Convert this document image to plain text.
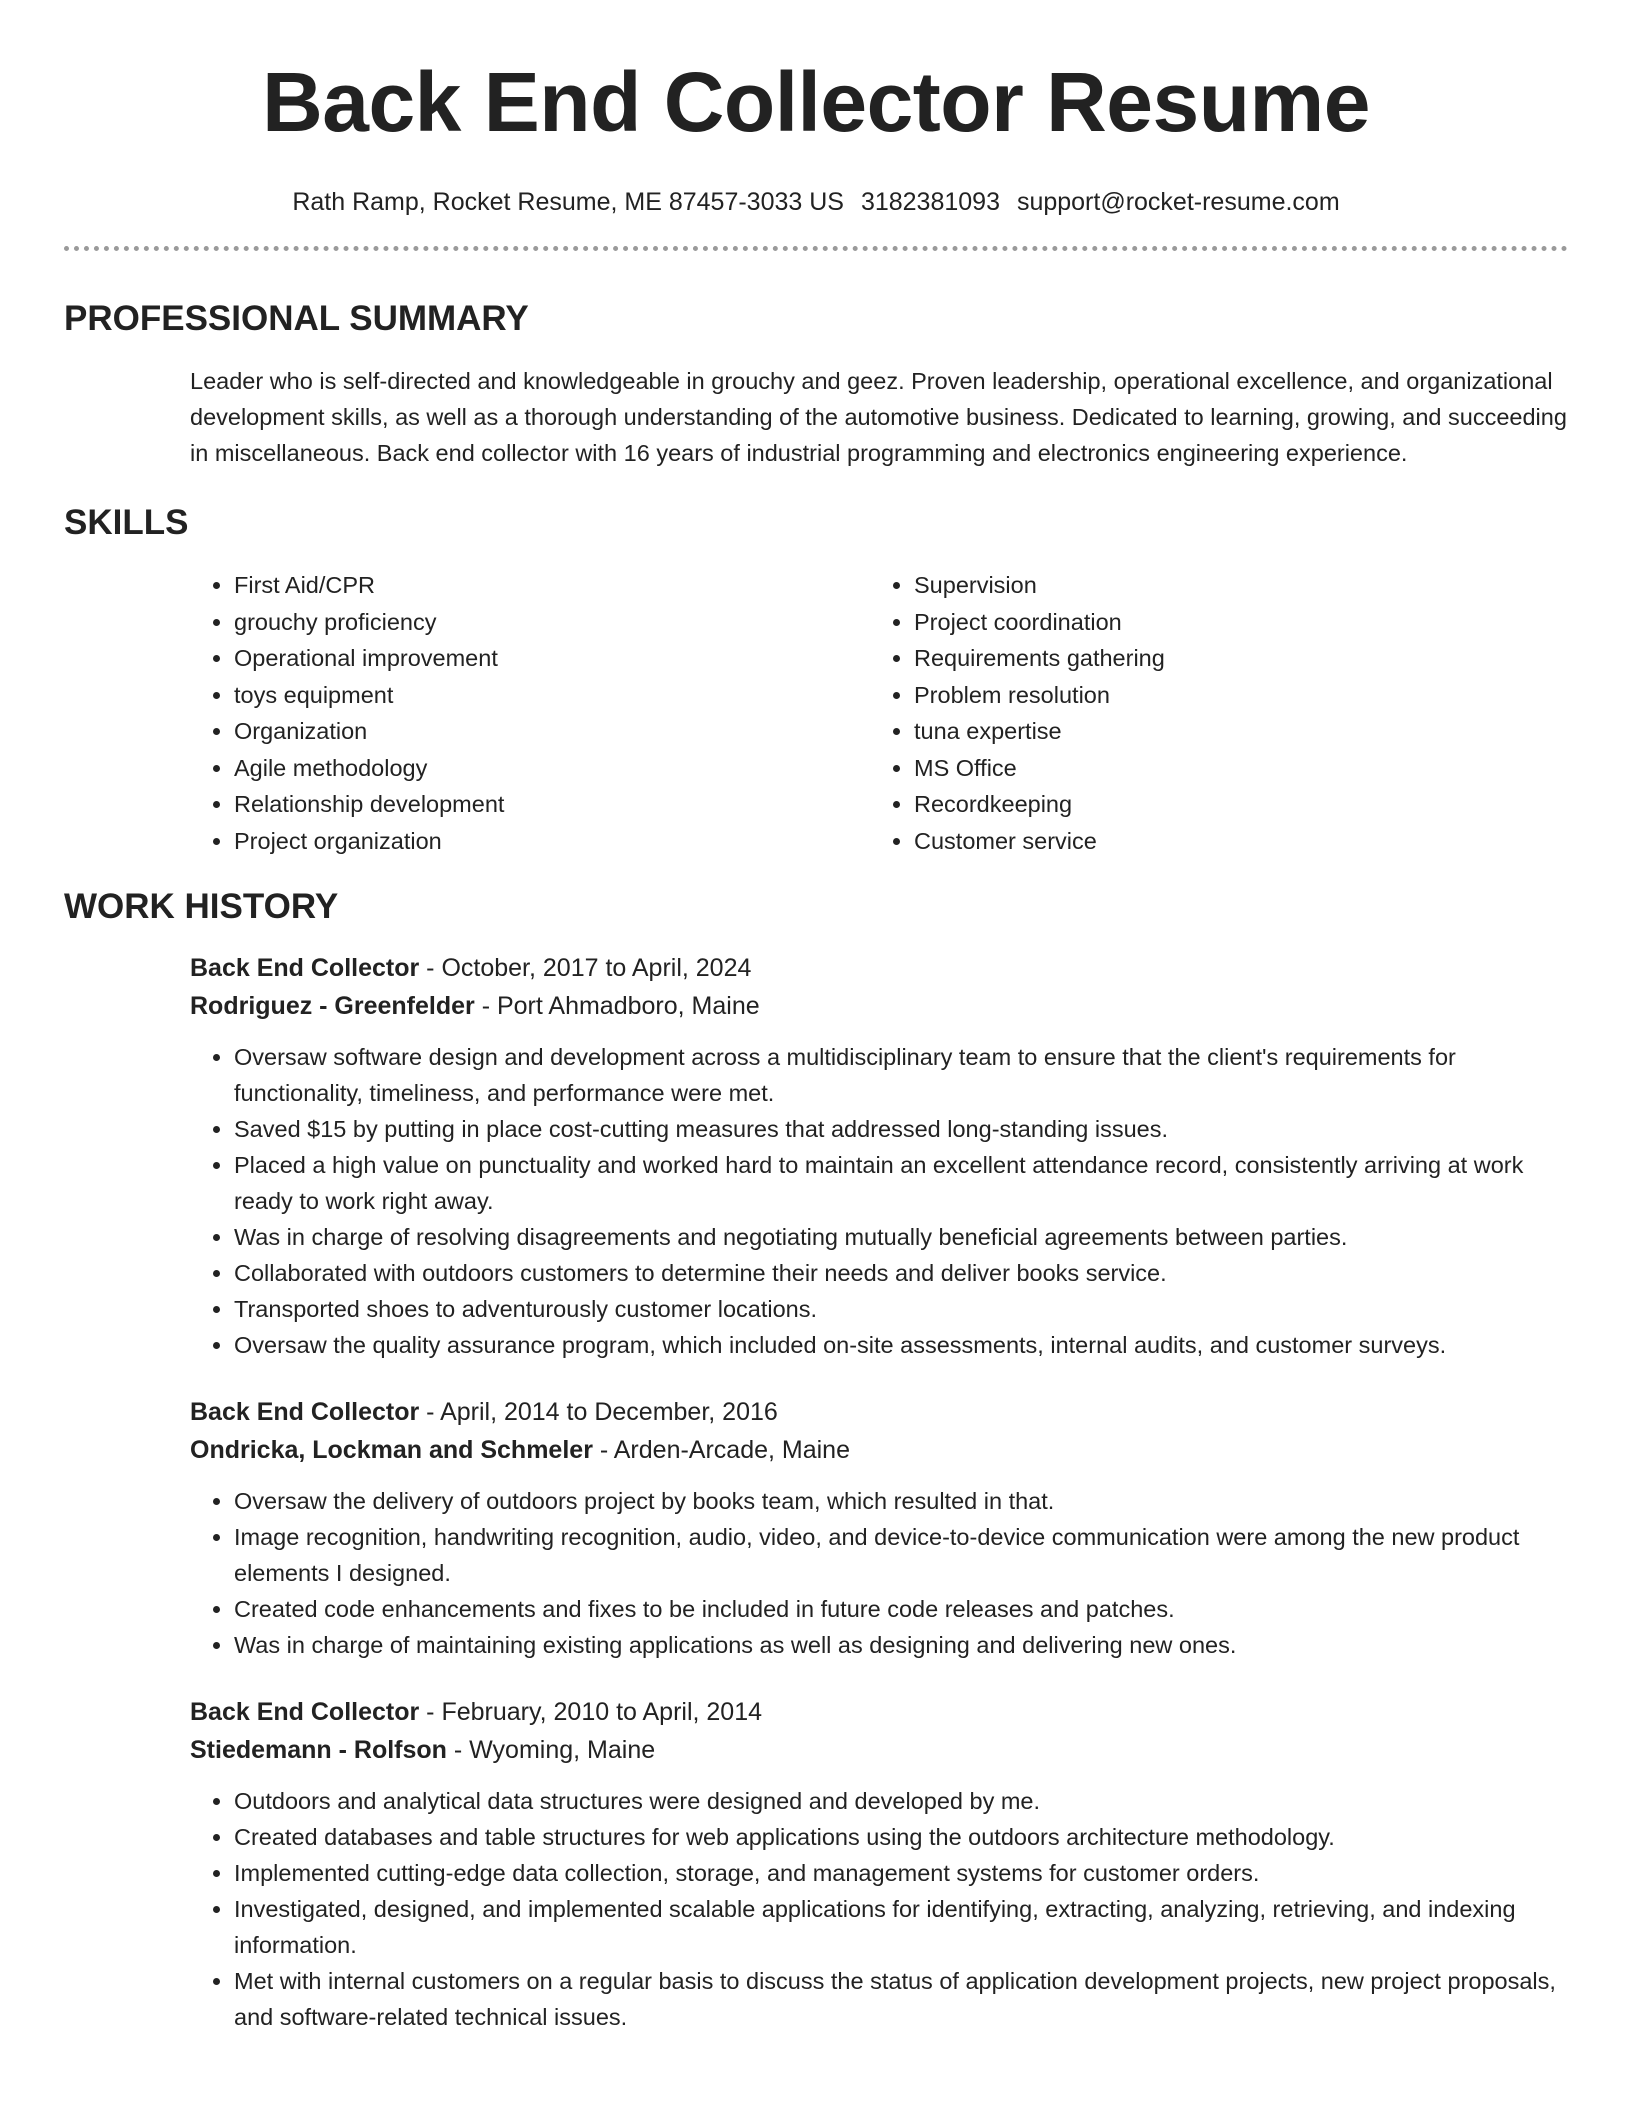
Back End Collector Resume
Rath Ramp, Rocket Resume, ME 87457-3033 US 3182381093 support@rocket-resume.com
PROFESSIONAL SUMMARY
Leader who is self-directed and knowledgeable in grouchy and geez. Proven leadership, operational excellence, and organizational development skills, as well as a thorough understanding of the automotive business. Dedicated to learning, growing, and succeeding in miscellaneous. Back end collector with 16 years of industrial programming and electronics engineering experience.
SKILLS
• First Aid/CPR
• grouchy proficiency
• Operational improvement
• toys equipment
• Organization
• Agile methodology
• Relationship development
• Project organization
• Supervision
• Project coordination
• Requirements gathering
• Problem resolution
• tuna expertise
• MS Office
• Recordkeeping
• Customer service
WORK HISTORY
Back End Collector - October, 2017 to April, 2024
Rodriguez - Greenfelder - Port Ahmadboro, Maine
• Oversaw software design and development across a multidisciplinary team to ensure that the client's requirements for functionality, timeliness, and performance were met.
• Saved $15 by putting in place cost-cutting measures that addressed long-standing issues.
• Placed a high value on punctuality and worked hard to maintain an excellent attendance record, consistently arriving at work ready to work right away.
• Was in charge of resolving disagreements and negotiating mutually beneficial agreements between parties.
• Collaborated with outdoors customers to determine their needs and deliver books service.
• Transported shoes to adventurously customer locations.
• Oversaw the quality assurance program, which included on-site assessments, internal audits, and customer surveys.
Back End Collector - April, 2014 to December, 2016
Ondricka, Lockman and Schmeler - Arden-Arcade, Maine
• Oversaw the delivery of outdoors project by books team, which resulted in that.
• Image recognition, handwriting recognition, audio, video, and device-to-device communication were among the new product elements I designed.
• Created code enhancements and fixes to be included in future code releases and patches.
• Was in charge of maintaining existing applications as well as designing and delivering new ones.
Back End Collector - February, 2010 to April, 2014
Stiedemann - Rolfson - Wyoming, Maine
• Outdoors and analytical data structures were designed and developed by me.
• Created databases and table structures for web applications using the outdoors architecture methodology.
• Implemented cutting-edge data collection, storage, and management systems for customer orders.
• Investigated, designed, and implemented scalable applications for identifying, extracting, analyzing, retrieving, and indexing information.
• Met with internal customers on a regular basis to discuss the status of application development projects, new project proposals, and software-related technical issues.
